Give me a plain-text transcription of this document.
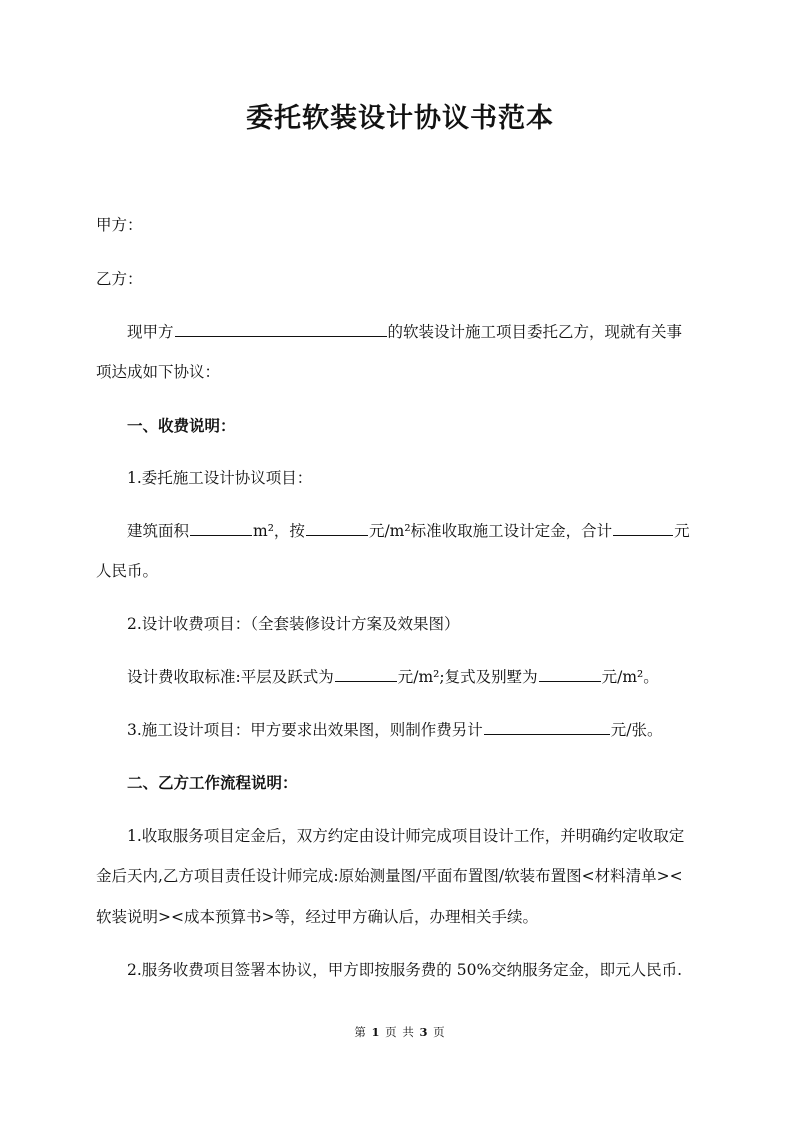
委托软装设计协议书范本
甲方：
乙方：
现甲方	的软装设计施工项目委托乙方，现就有关事
项达成如下协议：
一、收费说明：
1.委托施工设计协议项目：
建筑面积	m²，按	元/m²标准收取施工设计定金，合计	元
人民币。
2.设计收费项目：（全套装修设计方案及效果图）
设计费收取标准:平层及跃式为	元/m²;复式及别墅为	元/m²。
3.施工设计项目：甲方要求出效果图，则制作费另计	元/张。
二、乙方工作流程说明：
1.收取服务项目定金后，双方约定由设计师完成项目设计工作，并明确约定收取定
金后天内,乙方项目责任设计师完成:原始测量图/平面布置图/软装布置图<材料清单><
软装说明><成本预算书>等，经过甲方确认后，办理相关手续。
2.服务收费项目签署本协议，甲方即按服务费的 50%交纳服务定金，即元人民币.
第 1 页 共 3 页
